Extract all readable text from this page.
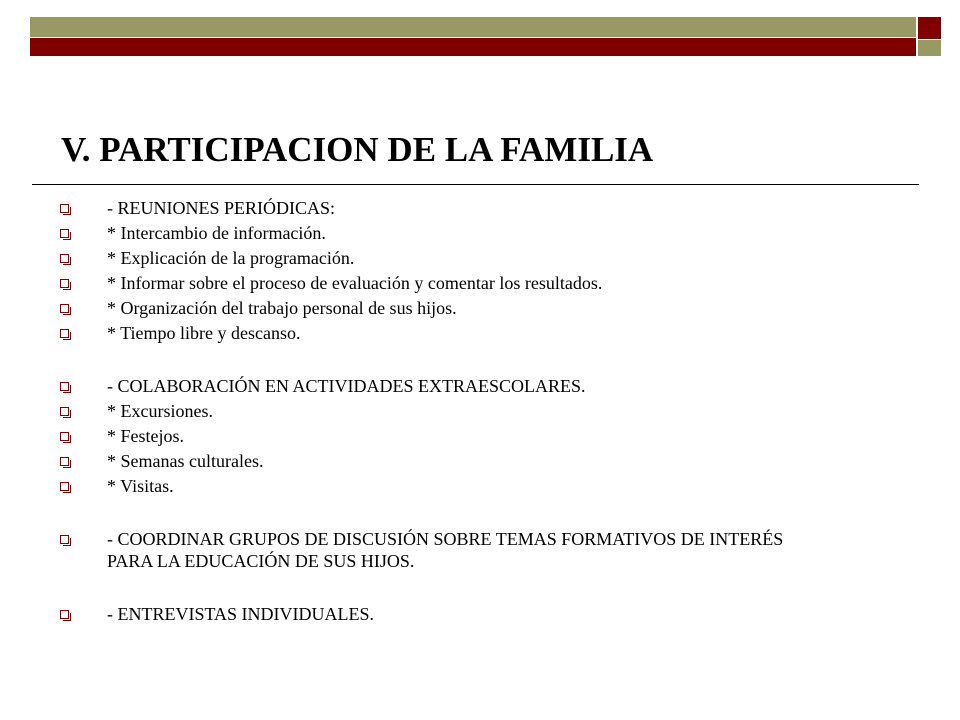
V. PARTICIPACION DE LA FAMILIA
- REUNIONES PERIÓDICAS:
* Intercambio de información.
* Explicación de la programación.
* Informar sobre el proceso de evaluación y comentar los resultados.
* Organización del trabajo personal de sus hijos.
* Tiempo libre y descanso.
- COLABORACIÓN EN ACTIVIDADES EXTRAESCOLARES.
* Excursiones.
* Festejos.
* Semanas culturales.
* Visitas.
- COORDINAR GRUPOS DE DISCUSIÓN SOBRE TEMAS FORMATIVOS DE INTERÉS PARA LA EDUCACIÓN DE SUS HIJOS.
- ENTREVISTAS INDIVIDUALES.
